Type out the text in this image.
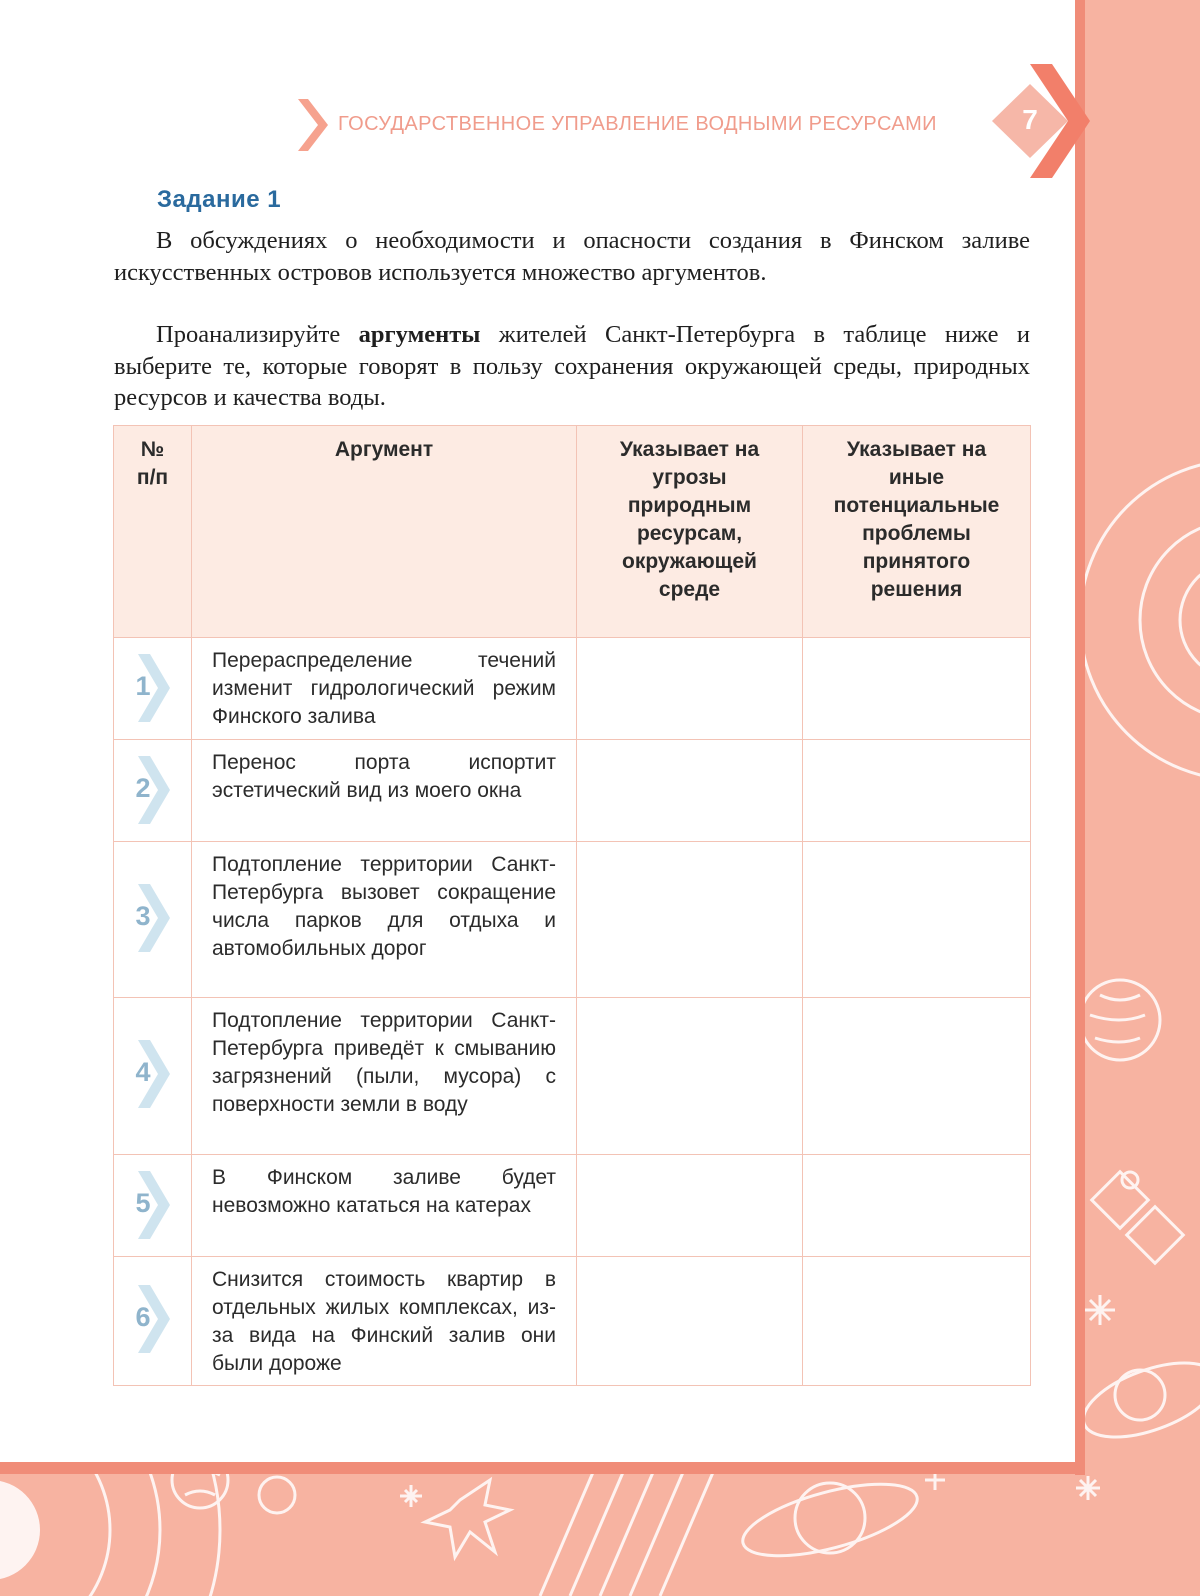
ГОСУДАРСТВЕННОЕ УПРАВЛЕНИЕ ВОДНЫМИ РЕСУРСАМИ	7
Задание 1

В обсуждениях о необходимости и опасности создания в Финском заливе искусственных островов используется множество аргументов.

Проанализируйте аргументы жителей Санкт-Петербурга в таблице ниже и выберите те, которые говорят в пользу сохранения окружающей среды, природных ресурсов и качества воды.

№ п/п	Аргумент	Указывает на угрозы природным ресурсам, окружающей среде	Указывает на иные потенциальные проблемы принятого решения

1	Перераспределение течений изменит гидрологический режим Финского залива		

2	Перенос порта испортит эстетический вид из моего окна		

3	Подтопление территории Санкт-Петербурга вызовет сокращение числа парков для отдыха и автомобильных дорог		

4	Подтопление территории Санкт-Петербурга приведёт к смыванию загрязнений (пыли, мусора) с поверхности земли в воду		

5	В Финском заливе будет невозможно кататься на катерах		

6	Снизится стоимость квартир в отдельных жилых комплексах, из-за вида на Финский залив они были дороже		
